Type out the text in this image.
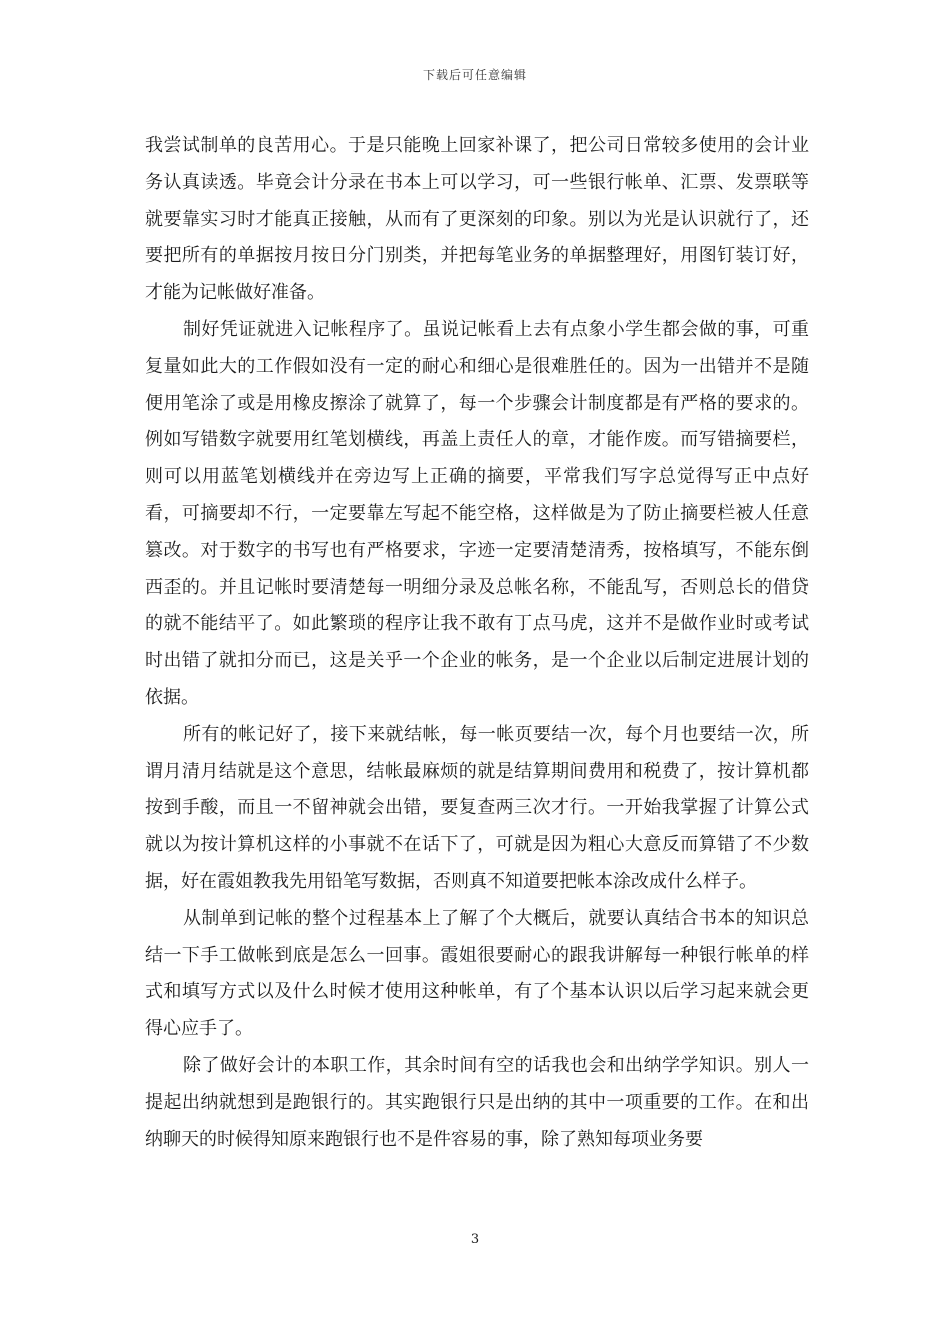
下载后可任意编辑

我尝试制单的良苦用心。于是只能晚上回家补课了，把公司日常较多使用的会计业务认真读透。毕竟会计分录在书本上可以学习，可一些银行帐单、汇票、发票联等就要靠实习时才能真正接触，从而有了更深刻的印象。别以为光是认识就行了，还要把所有的单据按月按日分门别类，并把每笔业务的单据整理好，用图钉装订好，才能为记帐做好准备。

制好凭证就进入记帐程序了。虽说记帐看上去有点象小学生都会做的事，可重复量如此大的工作假如没有一定的耐心和细心是很难胜任的。因为一出错并不是随便用笔涂了或是用橡皮擦涂了就算了，每一个步骤会计制度都是有严格的要求的。例如写错数字就要用红笔划横线，再盖上责任人的章，才能作废。而写错摘要栏，则可以用蓝笔划横线并在旁边写上正确的摘要，平常我们写字总觉得写正中点好看，可摘要却不行，一定要靠左写起不能空格，这样做是为了防止摘要栏被人任意篡改。对于数字的书写也有严格要求，字迹一定要清楚清秀，按格填写，不能东倒西歪的。并且记帐时要清楚每一明细分录及总帐名称，不能乱写，否则总长的借贷的就不能结平了。如此繁琐的程序让我不敢有丁点马虎，这并不是做作业时或考试时出错了就扣分而已，这是关乎一个企业的帐务，是一个企业以后制定进展计划的依据。

所有的帐记好了，接下来就结帐，每一帐页要结一次，每个月也要结一次，所谓月清月结就是这个意思，结帐最麻烦的就是结算期间费用和税费了，按计算机都按到手酸，而且一不留神就会出错，要复查两三次才行。一开始我掌握了计算公式就以为按计算机这样的小事就不在话下了，可就是因为粗心大意反而算错了不少数据，好在霞姐教我先用铅笔写数据，否则真不知道要把帐本涂改成什么样子。

从制单到记帐的整个过程基本上了解了个大概后，就要认真结合书本的知识总结一下手工做帐到底是怎么一回事。霞姐很要耐心的跟我讲解每一种银行帐单的样式和填写方式以及什么时候才使用这种帐单，有了个基本认识以后学习起来就会更得心应手了。

除了做好会计的本职工作，其余时间有空的话我也会和出纳学学知识。别人一提起出纳就想到是跑银行的。其实跑银行只是出纳的其中一项重要的工作。在和出纳聊天的时候得知原来跑银行也不是件容易的事，除了熟知每项业务要

3
